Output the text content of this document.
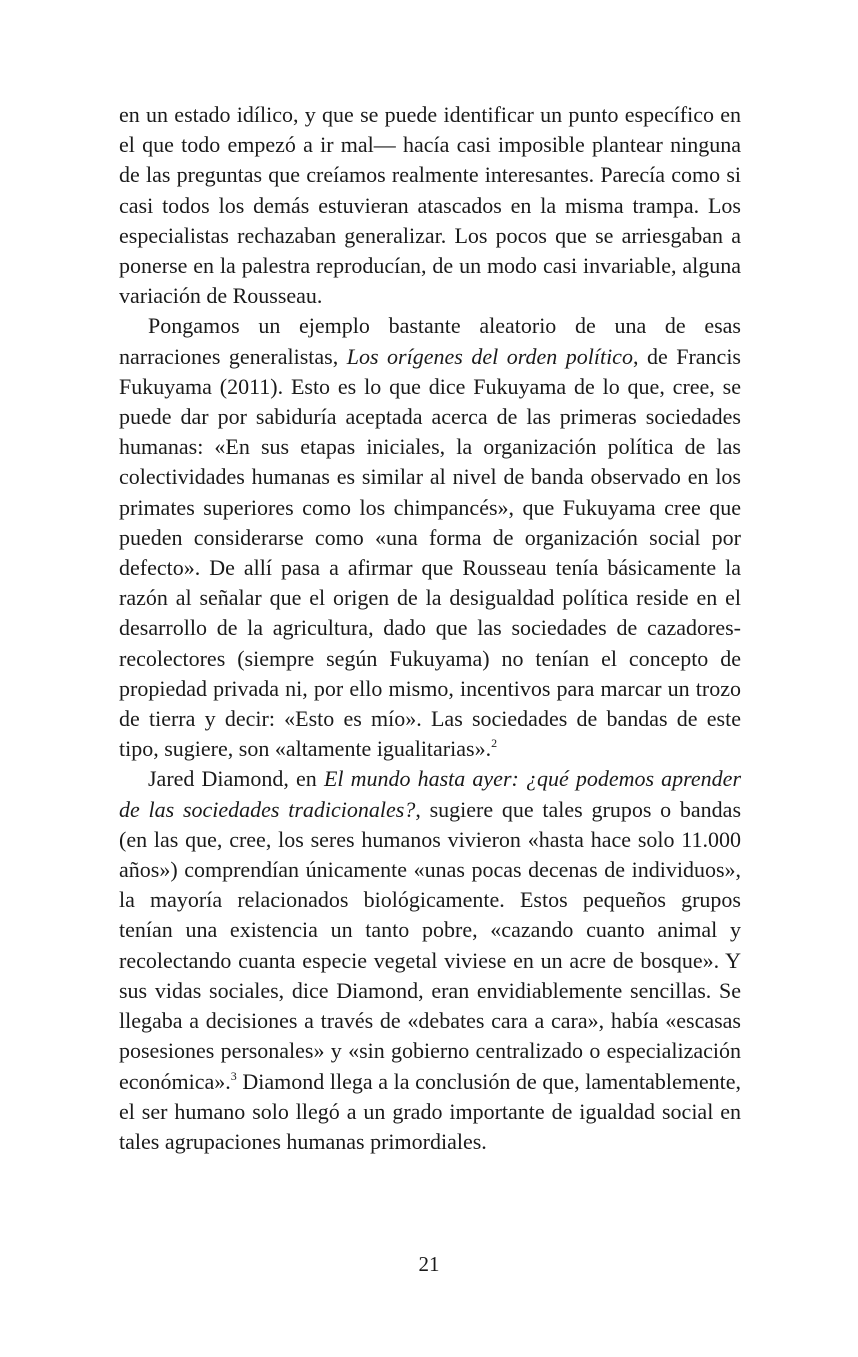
en un estado idílico, y que se puede identificar un punto específico en el que todo empezó a ir mal— hacía casi imposible plantear ninguna de las preguntas que creíamos realmente interesantes. Parecía como si casi todos los demás estuvieran atascados en la misma trampa. Los especialistas rechazaban generalizar. Los pocos que se arriesgaban a ponerse en la palestra reproducían, de un modo casi invariable, alguna variación de Rousseau.

Pongamos un ejemplo bastante aleatorio de una de esas narraciones generalistas, Los orígenes del orden político, de Francis Fukuyama (2011). Esto es lo que dice Fukuyama de lo que, cree, se puede dar por sabiduría aceptada acerca de las primeras sociedades humanas: «En sus etapas iniciales, la organización política de las colectividades humanas es similar al nivel de banda observado en los primates superiores como los chimpancés», que Fukuyama cree que pueden considerarse como «una forma de organización social por defecto». De allí pasa a afirmar que Rousseau tenía básicamente la razón al señalar que el origen de la desigualdad política reside en el desarrollo de la agricultura, dado que las sociedades de cazadores-recolectores (siempre según Fukuyama) no tenían el concepto de propiedad privada ni, por ello mismo, incentivos para marcar un trozo de tierra y decir: «Esto es mío». Las sociedades de bandas de este tipo, sugiere, son «altamente igualitarias».$^2$

Jared Diamond, en El mundo hasta ayer: ¿qué podemos aprender de las sociedades tradicionales?, sugiere que tales grupos o bandas (en las que, cree, los seres humanos vivieron «hasta hace solo 11.000 años») comprendían únicamente «unas pocas decenas de individuos», la mayoría relacionados biológicamente. Estos pequeños grupos tenían una existencia un tanto pobre, «cazando cuanto animal y recolectando cuanta especie vegetal viviese en un acre de bosque». Y sus vidas sociales, dice Diamond, eran envidiablemente sencillas. Se llegaba a decisiones a través de «debates cara a cara», había «escasas posesiones personales» y «sin gobierno centralizado o especialización económica».$^3$ Diamond llega a la conclusión de que, lamentablemente, el ser humano solo llegó a un grado importante de igualdad social en tales agrupaciones humanas primordiales.

21
